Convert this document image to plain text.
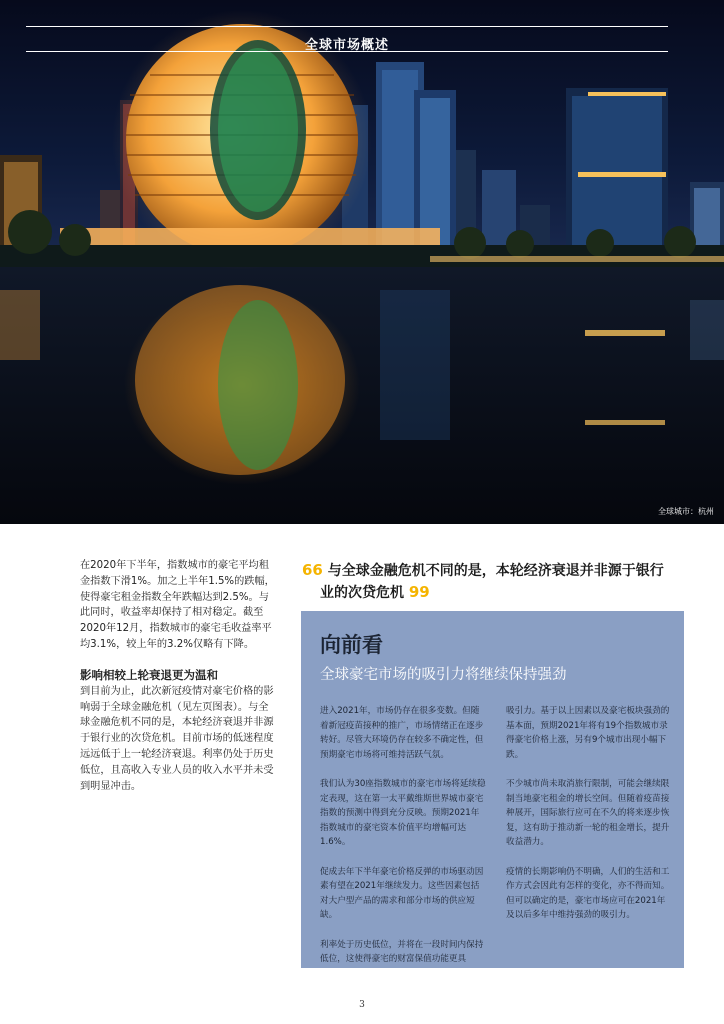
全球市场概述
全球城市：杭州

在2020年下半年，指数城市的豪宅平均租金指数下滑1%。加之上半年1.5%的跌幅，使得豪宅租金指数全年跌幅达到2.5%。与此同时，收益率却保持了相对稳定。截至2020年12月，指数城市的豪宅毛收益率平均3.1%，较上年的3.2%仅略有下降。

影响相较上轮衰退更为温和

到目前为止，此次新冠疫情对豪宅价格的影响弱于全球金融危机（见左页图表）。与全球金融危机不同的是，本轮经济衰退并非源于银行业的次贷危机。目前市场的低迷程度远远低于上一轮经济衰退。利率仍处于历史低位，且高收入专业人员的收入水平并未受到明显冲击。

66 与全球金融危机不同的是，本轮经济衰退并非源于银行
业的次贷危机 99
向前看
全球豪宅市场的吸引力将继续保持强劲

进入2021年，市场仍存在很多变数。但随着新冠疫苗接种的推广，市场情绪正在逐步转好。尽管大环境仍存在较多不确定性，但预期豪宅市场将可维持活跃气氛。

我们认为30座指数城市的豪宅市场将延续稳定表现，这在第一太平戴维斯世界城市豪宅指数的预测中得到充分反映。预期2021年指数城市的豪宅资本价值平均增幅可达1.6%。

促成去年下半年豪宅价格反弹的市场驱动因素有望在2021年继续发力。这些因素包括对大户型产品的需求和部分市场的供应短缺。

利率处于历史低位，并将在一段时间内保持低位，这使得豪宅的财富保值功能更具

吸引力。基于以上因素以及豪宅板块强劲的基本面，预期2021年将有19个指数城市录得豪宅价格上涨，另有9个城市出现小幅下跌。

不少城市尚未取消旅行限制，可能会继续限制当地豪宅租金的增长空间。但随着疫苗接种展开，国际旅行应可在不久的将来逐步恢复，这有助于推动新一轮的租金增长，提升收益潜力。

疫情的长期影响仍不明确，人们的生活和工作方式会因此有怎样的变化，亦不得而知。但可以确定的是，豪宅市场应可在2021年及以后多年中维持强劲的吸引力。

3
